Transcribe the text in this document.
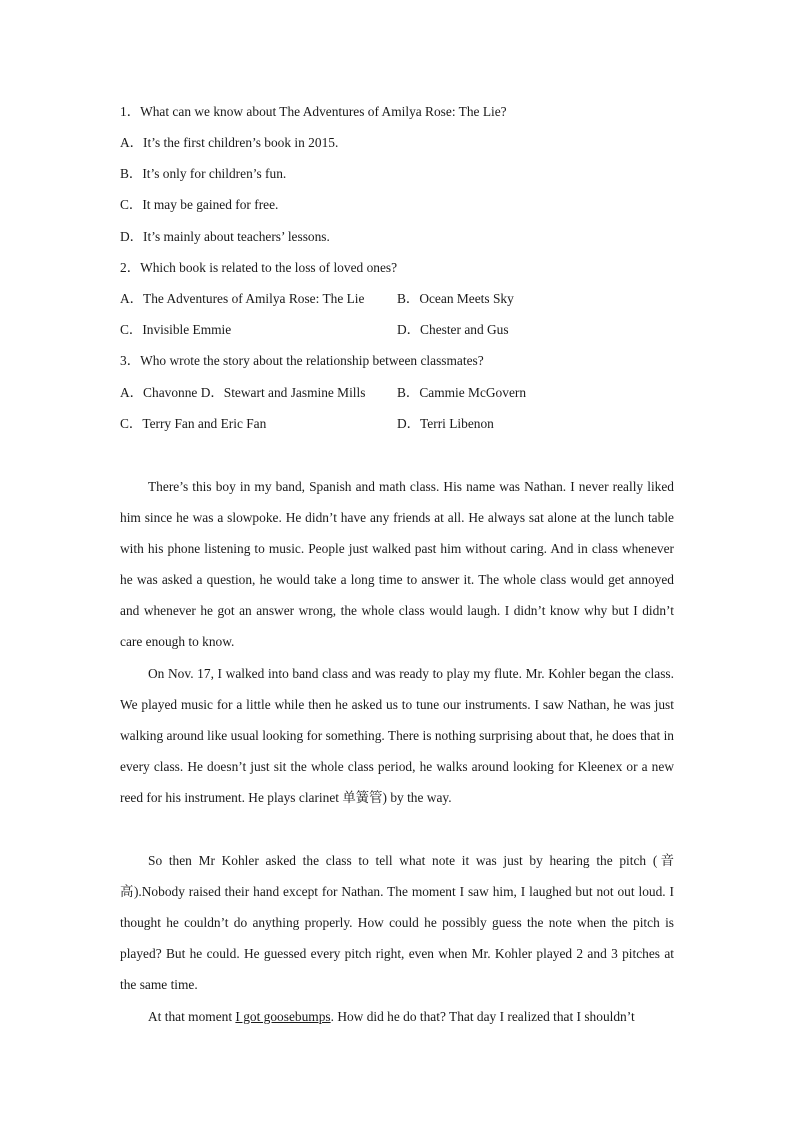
1．What can we know about The Adventures of Amilya Rose: The Lie?
A．It’s the first children’s book in 2015.
B．It’s only for children’s fun.
C．It may be gained for free.
D．It’s mainly about teachers’ lessons.
2．Which book is related to the loss of loved ones?
A．The Adventures of Amilya Rose: The Lie B．Ocean Meets Sky
C．Invisible Emmie	D．Chester and Gus
3．Who wrote the story about the relationship between classmates?
A．Chavonne D．Stewart and Jasmine Mills B．Cammie McGovern
C．Terry Fan and Eric Fan	D．Terri Libenon

There’s this boy in my band, Spanish and math class. His name was Nathan. I never really liked him since he was a slowpoke. He didn’t have any friends at all. He always sat alone at the lunch table with his phone listening to music. People just walked past him without caring. And in class whenever he was asked a question, he would take a long time to answer it. The whole class would get annoyed and whenever he got an answer wrong, the whole class would laugh. I didn’t know why but I didn’t care enough to know.

On Nov. 17, I walked into band class and was ready to play my flute. Mr. Kohler began the class. We played music for a little while then he asked us to tune our instruments. I saw Nathan, he was just walking around like usual looking for something. There is nothing surprising about that, he does that in every class. He doesn’t just sit the whole class period, he walks around looking for Kleenex or a new reed for his instrument. He plays clarinet 单簧管) by the way.

So then Mr Kohler asked the class to tell what note it was just by hearing the pitch (音高).Nobody raised their hand except for Nathan. The moment I saw him, I laughed but not out loud. I thought he couldn’t do anything properly. How could he possibly guess the note when the pitch is played? But he could. He guessed every pitch right, even when Mr. Kohler played 2 and 3 pitches at the same time.

At that moment I got goosebumps. How did he do that? That day I realized that I shouldn’t
